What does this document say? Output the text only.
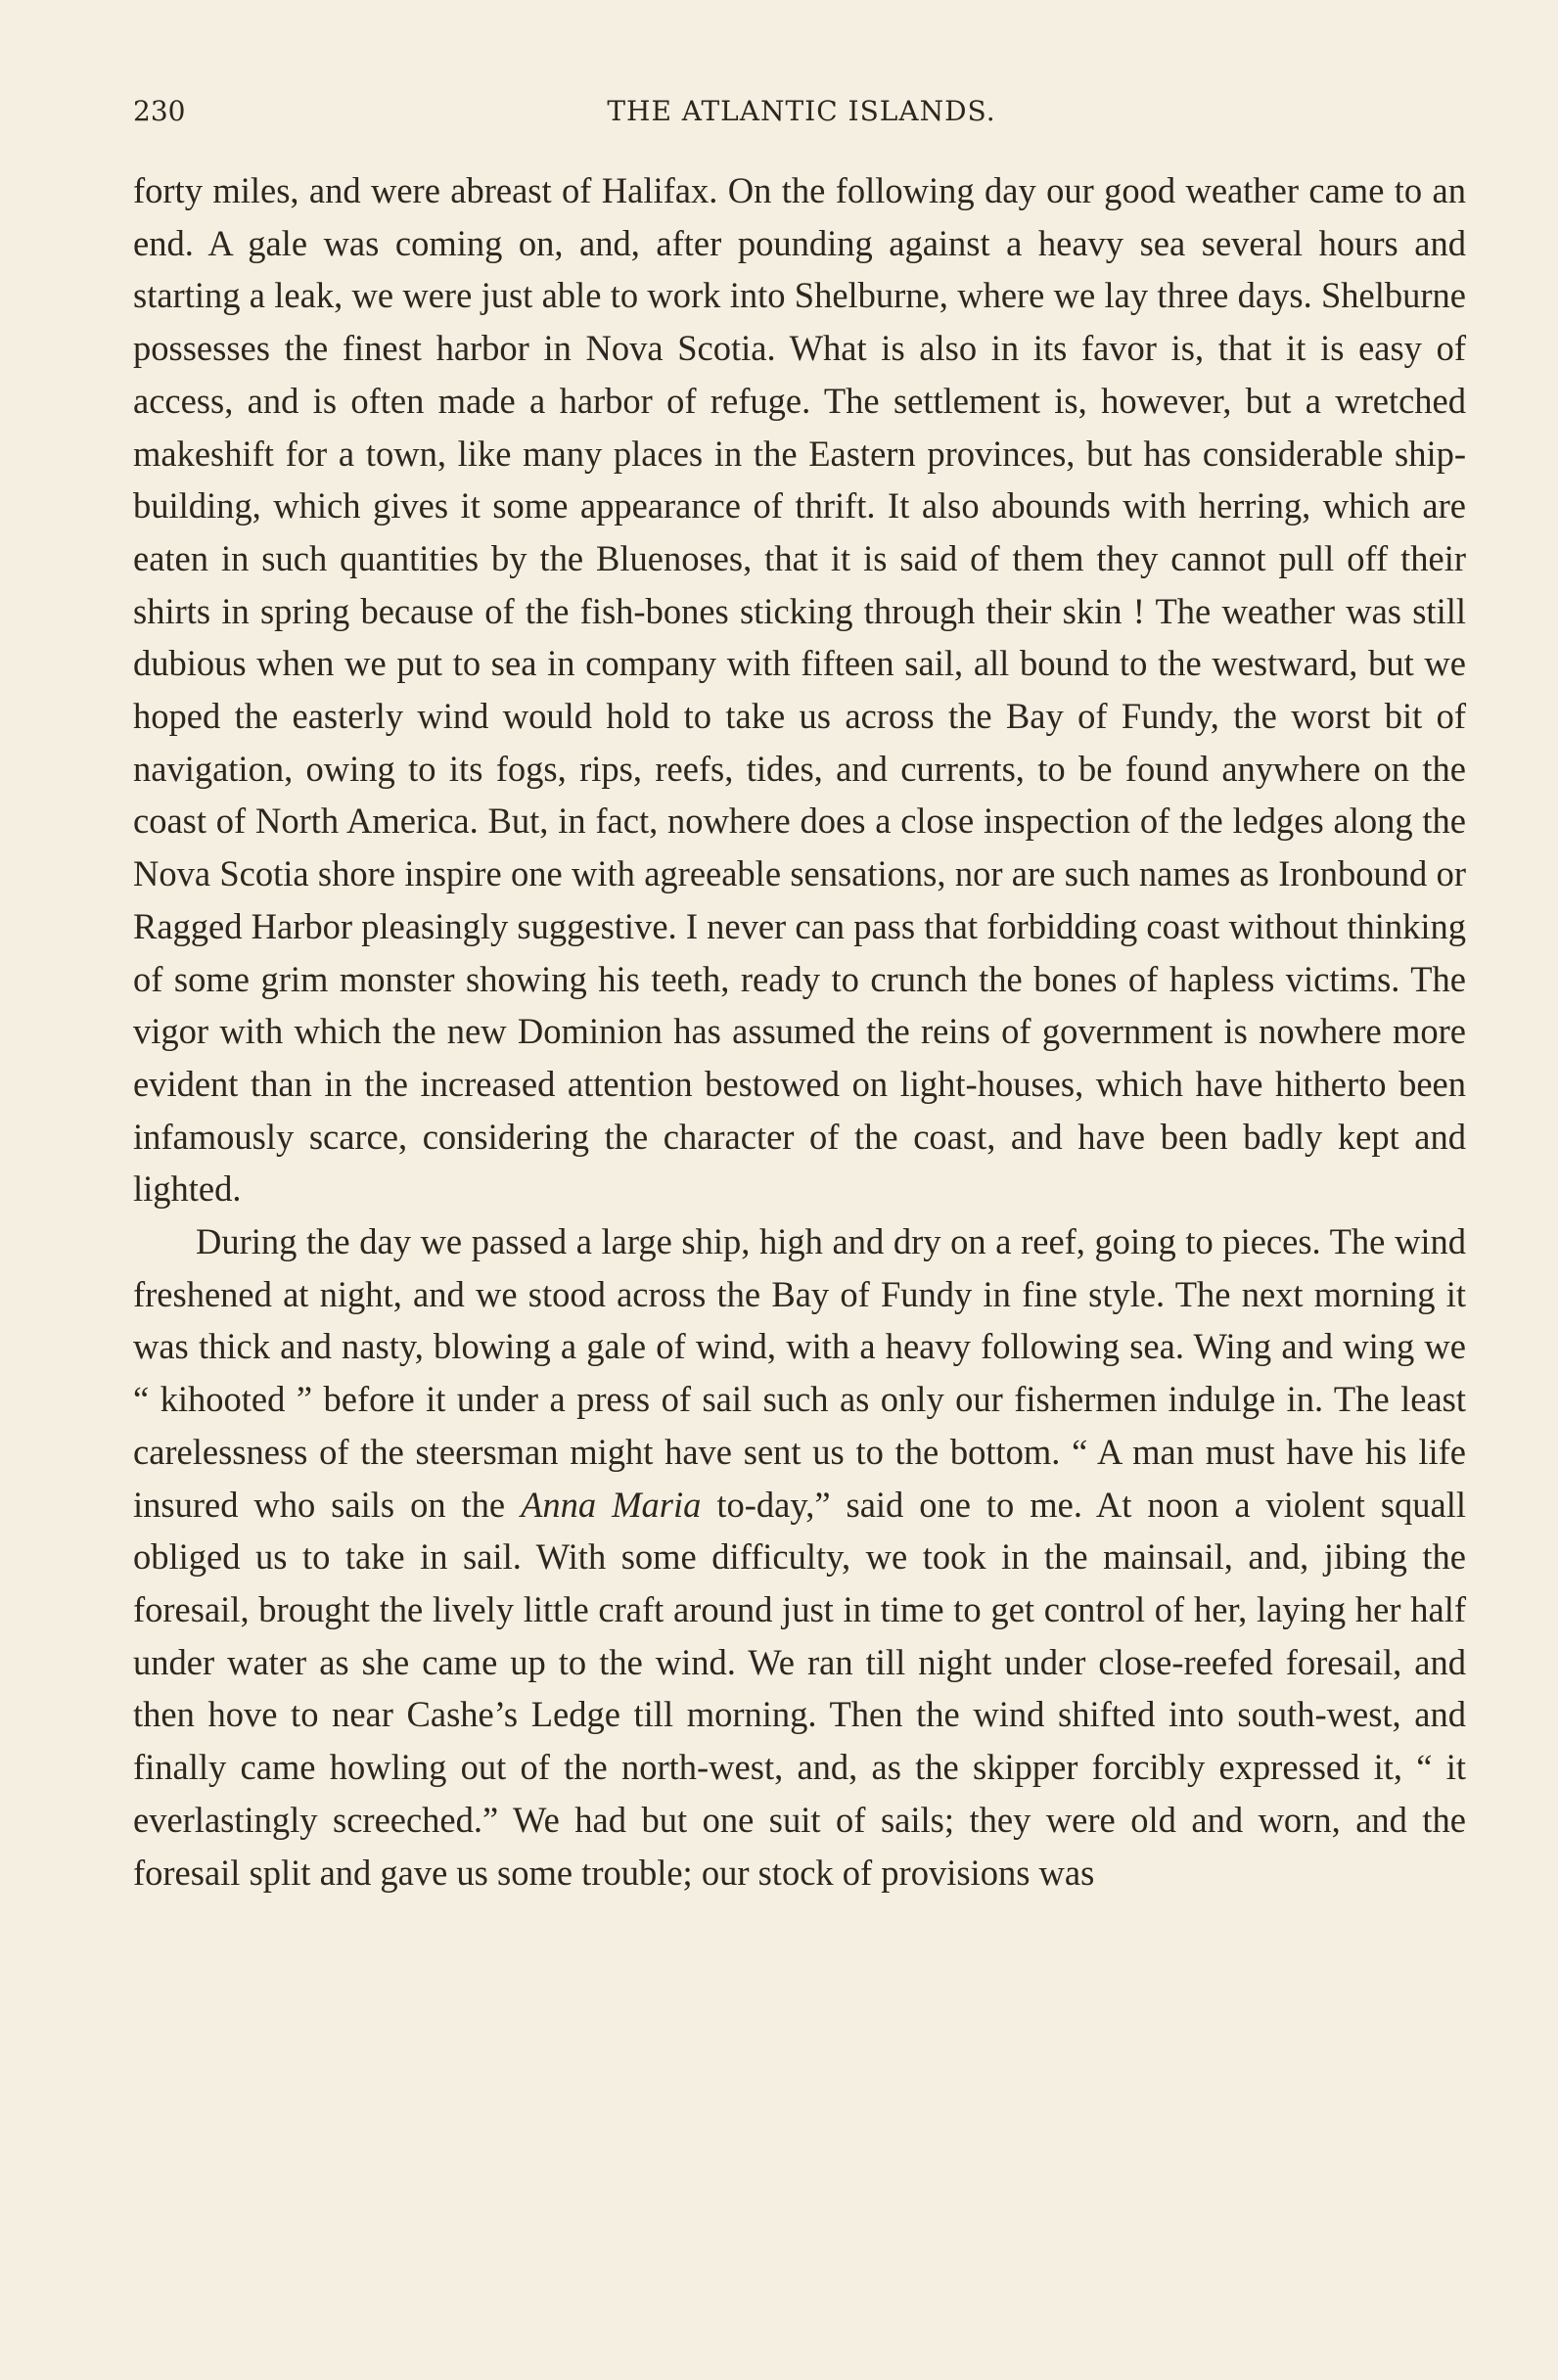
230	THE ATLANTIC ISLANDS.

forty miles, and were abreast of Halifax. On the following day our good weather came to an end. A gale was coming on, and, after pounding against a heavy sea several hours and starting a leak, we were just able to work into Shelburne, where we lay three days. Shelburne possesses the finest harbor in Nova Scotia. What is also in its favor is, that it is easy of access, and is often made a harbor of refuge. The settlement is, however, but a wretched makeshift for a town, like many places in the Eastern provinces, but has considerable ship-building, which gives it some appearance of thrift. It also abounds with herring, which are eaten in such quantities by the Bluenoses, that it is said of them they cannot pull off their shirts in spring because of the fish-bones sticking through their skin ! The weather was still dubious when we put to sea in company with fifteen sail, all bound to the westward, but we hoped the easterly wind would hold to take us across the Bay of Fundy, the worst bit of navigation, owing to its fogs, rips, reefs, tides, and currents, to be found anywhere on the coast of North America. But, in fact, nowhere does a close inspection of the ledges along the Nova Scotia shore inspire one with agreeable sensations, nor are such names as Ironbound or Ragged Harbor pleasingly suggestive. I never can pass that forbidding coast without thinking of some grim monster showing his teeth, ready to crunch the bones of hapless victims. The vigor with which the new Dominion has assumed the reins of government is nowhere more evident than in the increased attention bestowed on light-houses, which have hitherto been infamously scarce, considering the character of the coast, and have been badly kept and lighted.

During the day we passed a large ship, high and dry on a reef, going to pieces. The wind freshened at night, and we stood across the Bay of Fundy in fine style. The next morning it was thick and nasty, blowing a gale of wind, with a heavy following sea. Wing and wing we “ kihooted ” before it under a press of sail such as only our fishermen indulge in. The least carelessness of the steersman might have sent us to the bottom. “ A man must have his life insured who sails on the Anna Maria to-day,” said one to me. At noon a violent squall obliged us to take in sail. With some difficulty, we took in the mainsail, and, jibing the foresail, brought the lively little craft around just in time to get control of her, laying her half under water as she came up to the wind. We ran till night under close-reefed foresail, and then hove to near Cashe’s Ledge till morning. Then the wind shifted into south-west, and finally came howling out of the north-west, and, as the skipper forcibly expressed it, “ it everlastingly screeched.” We had but one suit of sails; they were old and worn, and the foresail split and gave us some trouble; our stock of provisions was
